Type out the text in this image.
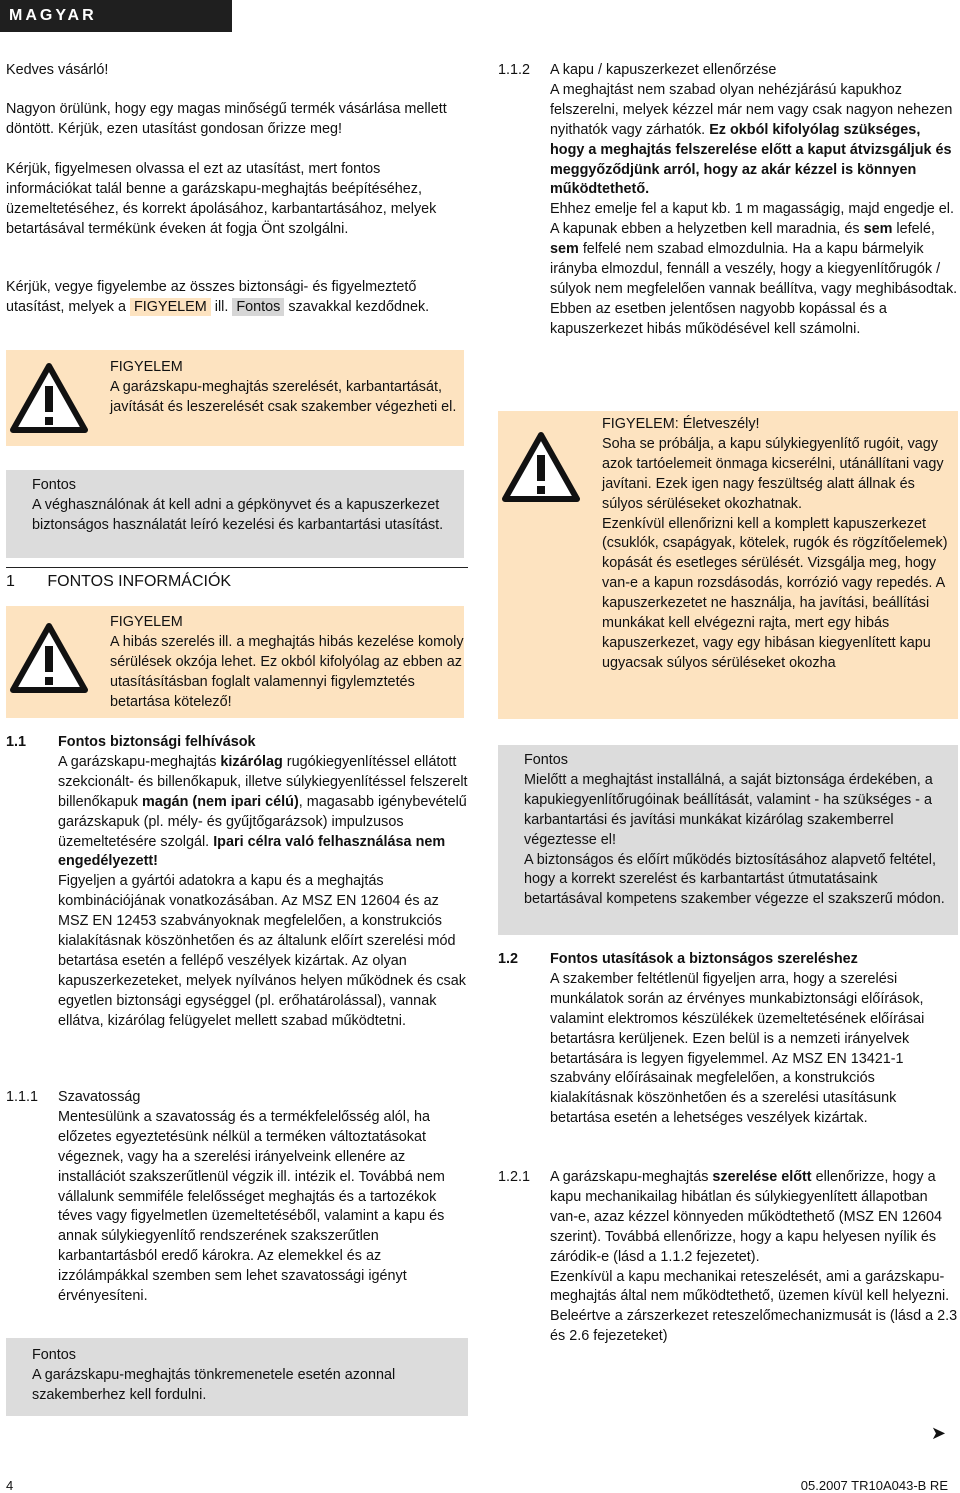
MAGYAR

Kedves vásárló!

Nagyon örülünk, hogy egy magas minőségű termék vásárlása mellett döntött. Kérjük, ezen utasítást gondosan őrizze meg!

Kérjük, figyelmesen olvassa el ezt az utasítást, mert fontos információkat talál benne a garázskapu-meghajtás beépítéséhez, üzemeltetéséhez, és korrekt ápolásához, karbantartásához, melyek betartásával termékünk éveken át fogja Önt szolgálni.

Kérjük, vegye figyelembe az összes biztonsági- és figyelmeztető utasítást, melyek a FIGYELEM ill. Fontos szavakkal kezdődnek.

FIGYELEM

A garázskapu-meghajtás szerelését, karbantartását, javítását és leszerelését csak szakember végezheti el.

Fontos

A véghasználónak át kell adni a gépkönyvet és a kapuszerkezet biztonságos használatát leíró kezelési és karbantartási utasítást.

1 FONTOS INFORMÁCIÓK

FIGYELEM

A hibás szerelés ill. a meghajtás hibás kezelése komoly sérülések okzója lehet. Ez okból kifolyólag az ebben az utasításításban foglalt valamennyi figylemztetés betartása kötelező!

1.1 Fontos biztonsági felhívások

A garázskapu-meghajtás kizárólag rugókiegyenlítéssel ellátott szekcionált- és billenőkapuk, illetve súlykiegyenlítéssel felszerelt billenőkapuk magán (nem ipari célú), magasabb igénybevételű garázskapuk (pl. mély- és gyűjtőgarázsok) impulzusos üzemeltetésére szolgál. Ipari célra való felhasználása nem engedélyezett!

Figyeljen a gyártói adatokra a kapu és a meghajtás kombinációjának vonatkozásában. Az MSZ EN 12604 és az MSZ EN 12453 szabványoknak megfelelően, a konstrukciós kialakításnak köszönhetően és az általunk előírt szerelési mód betartása esetén a fellépő veszélyek kizártak. Az olyan kapuszerkezeteket, melyek nyílvános helyen működnek és csak egyetlen biztonsági egységgel (pl. erőhatárolással), vannak ellátva, kizárólag felügyelet mellett szabad működtetni.

1.1.1 Szavatosság

Mentesülünk a szavatosság és a termékfelelősség alól, ha előzetes egyeztetésünk nélkül a terméken változtatásokat végeznek, vagy ha a szerelési irányelveink ellenére az installációt szakszerűtlenül végzik ill. intézik el. Továbbá nem vállalunk semmiféle felelősséget meghajtás és a tartozékok téves vagy figyelmetlen üzemeltetéséből, valamint a kapu és annak súlykiegyenlítő rendszerének szakszerűtlen karbantartásból eredő károkra. Az elemekkel és az izzólámpákkal szemben sem lehet szavatossági igényt érvényesíteni.

Fontos

A garázskapu-meghajtás tönkremenetele esetén azonnal szakemberhez kell fordulni.

1.1.2 A kapu / kapuszerkezet ellenőrzése

A meghajtást nem szabad olyan nehézjárású kapukhoz felszerelni, melyek kézzel már nem vagy csak nagyon nehezen nyithatók vagy zárhatók. Ez okból kifolyólag szükséges, hogy a meghajtás felszerelése előtt a kaput átvizsgáljuk és meggyőződjünk arról, hogy az akár kézzel is könnyen működtethető.

Ehhez emelje fel a kaput kb. 1 m magasságig, majd engedje el. A kapunak ebben a helyzetben kell maradnia, és sem lefelé, sem felfelé nem szabad elmozdulnia. Ha a kapu bármelyik irányba elmozdul, fennáll a veszély, hogy a kiegyenlítőrugók / súlyok nem megfelelően vannak beállítva, vagy meghibásodtak. Ebben az esetben jelentősen nagyobb kopással és a kapuszerkezet hibás működésével kell számolni.

FIGYELEM: Életveszély!

Soha se próbálja, a kapu súlykiegyenlítő rugóit, vagy azok tartóelemeit önmaga kicserélni, utánállítani vagy javítani. Ezek igen nagy feszültség alatt állnak és súlyos sérüléseket okozhatnak.

Ezenkívül ellenőrizni kell a komplett kapuszerkezet (csuklók, csapágyak, kötelek, rugók és rögzítőelemek) kopását és esetleges sérülését. Vizsgálja meg, hogy van-e a kapun rozsdásodás, korrózió vagy repedés. A kapuszerkezetet ne használja, ha javítási, beállítási munkákat kell elvégezni rajta, mert egy hibás kapuszerkezet, vagy egy hibásan kiegyenlített kapu ugyacsak súlyos sérüléseket okozha

Fontos

Mielőtt a meghajtást installálná, a saját biztonsága érdekében, a kapukiegyenlítőrugóinak beállítását, valamint - ha szükséges - a karbantartási és javítási munkákat kizárólag szakemberrel végeztesse el!

A biztonságos és előírt működés biztosításához alapvető feltétel, hogy a korrekt szerelést és karbantartást útmutatásaink betartásával kompetens szakember végezze el szakszerű módon.

1.2 Fontos utasítások a biztonságos szereléshez

A szakember feltétlenül figyeljen arra, hogy a szerelési munkálatok során az érvényes munkabiztonsági előírások, valamint elektromos készülékek üzemeltetésének előírásai betartásra kerüljenek. Ezen belül is a nemzeti irányelvek betartására is legyen figyelemmel. Az MSZ EN 13421-1 szabvány előírásainak megfelelően, a konstrukciós kialakításnak köszönhetően és a szerelési utasításunk betartása esetén a lehetséges veszélyek kizártak.

1.2.1 A garázskapu-meghajtás szerelése előtt ellenőrizze, hogy a kapu mechanikailag hibátlan és súlykiegyenlített állapotban van-e, azaz kézzel könnyeden működtethető (MSZ EN 12604 szerint). Továbbá ellenőrizze, hogy a kapu helyesen nyílik és záródik-e (lásd a 1.1.2 fejezetet).

Ezenkívül a kapu mechanikai reteszelését, ami a garázskapu-meghajtás által nem működtethető, üzemen kívül kell helyezni. Beleértve a zárszerkezet reteszelőmechanizmusát is (lásd a 2.3 és 2.6 fejezeteket)

➤
4	05.2007 TR10A043-B RE
